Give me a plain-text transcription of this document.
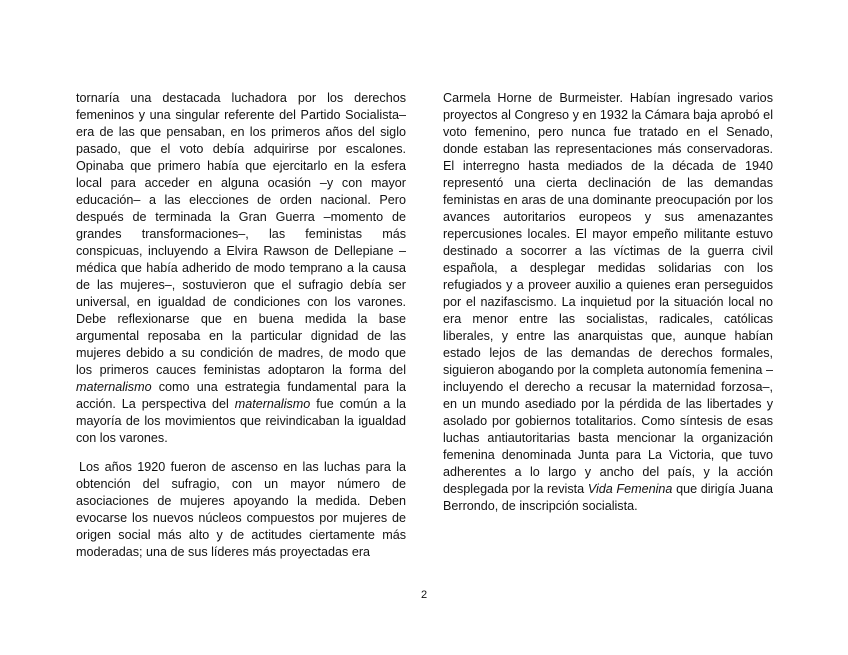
tornaría una destacada luchadora por los derechos femeninos y una singular referente del Partido Socialista–era de las que pensaban, en los primeros años del siglo pasado, que el voto debía adquirirse por escalones. Opinaba que primero había que ejercitarlo en la esfera local para acceder en alguna ocasión –y con mayor educación– a las elecciones de orden nacional. Pero después de terminada la Gran Guerra –momento de grandes transformaciones–, las feministas más conspicuas, incluyendo a Elvira Rawson de Dellepiane –médica que había adherido de modo temprano a la causa de las mujeres–, sostuvieron que el sufragio debía ser universal, en igualdad de condiciones con los varones. Debe reflexionarse que en buena medida la base argumental reposaba en la particular dignidad de las mujeres debido a su condición de madres, de modo que los primeros cauces feministas adoptaron la forma del maternalismo como una estrategia fundamental para la acción. La perspectiva del maternalismo fue común a la mayoría de los movimientos que reivindicaban la igualdad con los varones.

Los años 1920 fueron de ascenso en las luchas para la obtención del sufragio, con un mayor número de asociaciones de mujeres apoyando la medida. Deben evocarse los nuevos núcleos compuestos por mujeres de origen social más alto y de actitudes ciertamente más moderadas; una de sus líderes más proyectadas era

Carmela Horne de Burmeister. Habían ingresado varios proyectos al Congreso y en 1932 la Cámara baja aprobó el voto femenino, pero nunca fue tratado en el Senado, donde estaban las representaciones más conservadoras. El interregno hasta mediados de la década de 1940 representó una cierta declinación de las demandas feministas en aras de una dominante preocupación por los avances autoritarios europeos y sus amenazantes repercusiones locales. El mayor empeño militante estuvo destinado a socorrer a las víctimas de la guerra civil española, a desplegar medidas solidarias con los refugiados y a proveer auxilio a quienes eran perseguidos por el nazifascismo. La inquietud por la situación local no era menor entre las socialistas, radicales, católicas liberales, y entre las anarquistas que, aunque habían estado lejos de las demandas de derechos formales, siguieron abogando por la completa autonomía femenina –incluyendo el derecho a recusar la maternidad forzosa–, en un mundo asediado por la pérdida de las libertades y asolado por gobiernos totalitarios. Como síntesis de esas luchas antiautoritarias basta mencionar la organización femenina denominada Junta para La Victoria, que tuvo adherentes a lo largo y ancho del país, y la acción desplegada por la revista Vida Femenina que dirigía Juana Berrondo, de inscripción socialista.

2
